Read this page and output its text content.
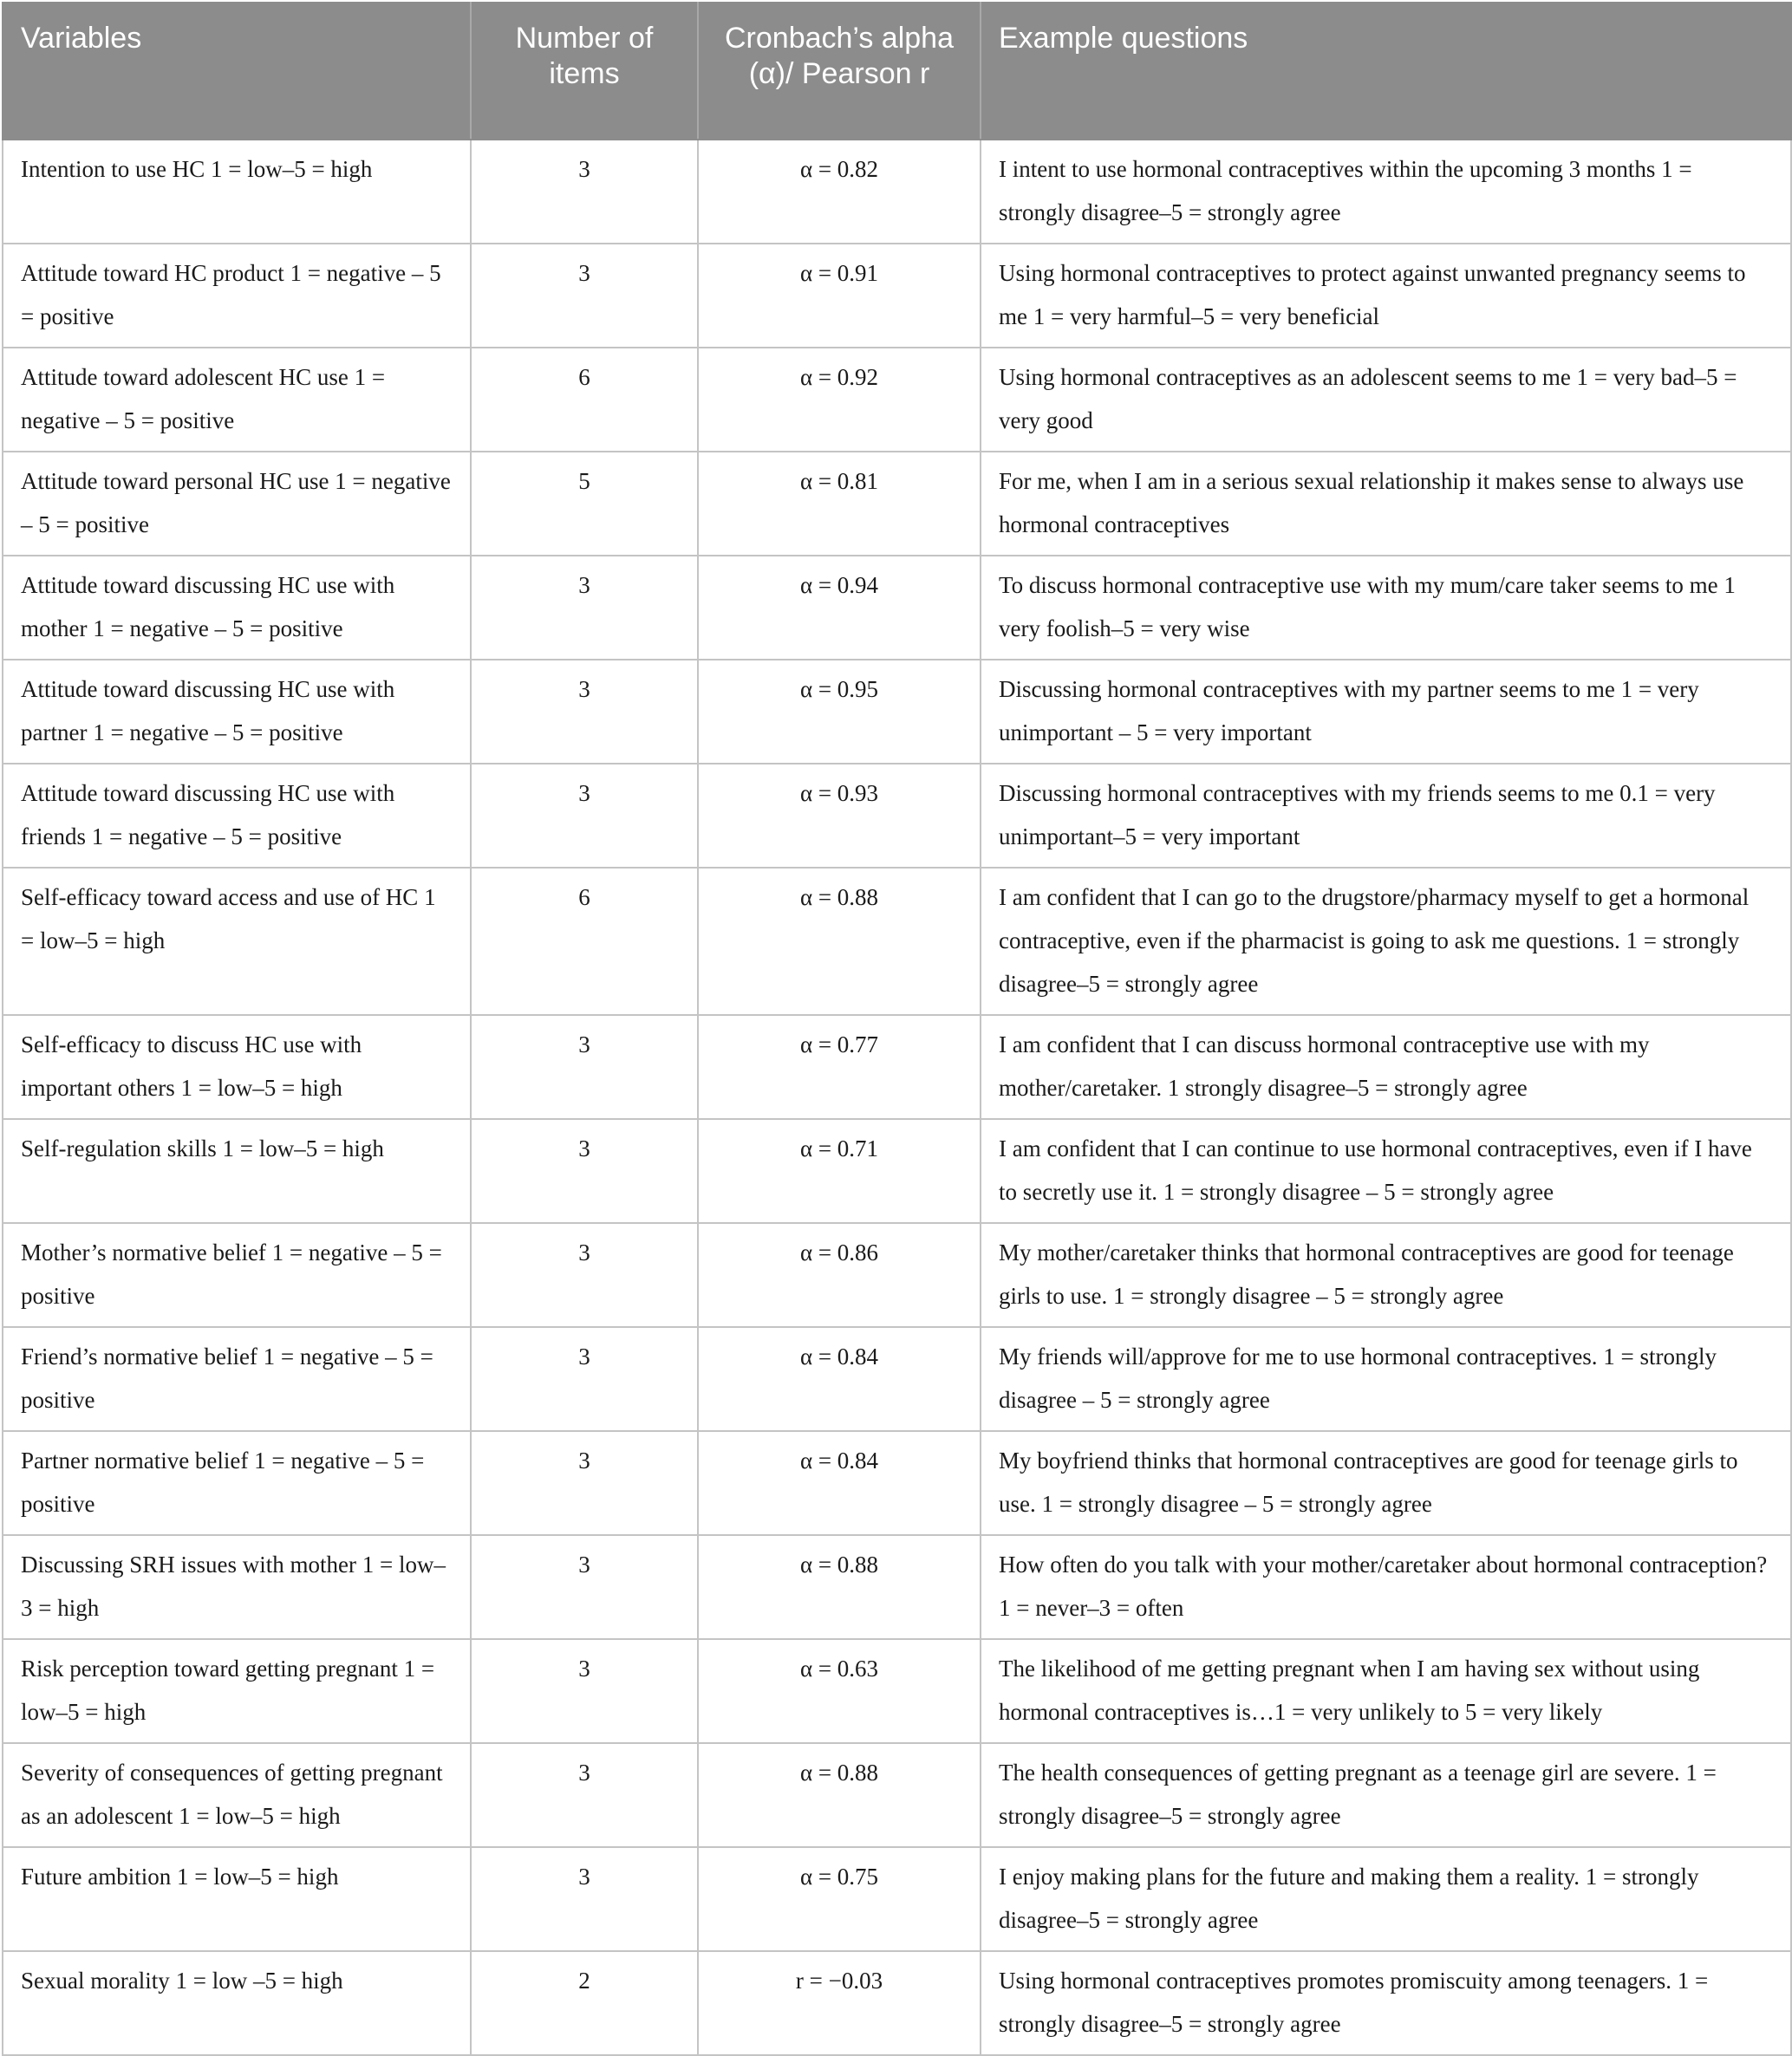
Variables	Number of items	Cronbach’s alpha (α)/ Pearson r	Example questions
Intention to use HC 1 = low–5 = high	3	α = 0.82	I intent to use hormonal contraceptives within the upcoming 3 months 1 = strongly disagree–5 = strongly agree
Attitude toward HC product 1 = negative – 5 = positive	3	α = 0.91	Using hormonal contraceptives to protect against unwanted pregnancy seems to me 1 = very harmful–5 = very beneficial
Attitude toward adolescent HC use 1 = negative – 5 = positive	6	α = 0.92	Using hormonal contraceptives as an adolescent seems to me 1 = very bad–5 = very good
Attitude toward personal HC use 1 = negative – 5 = positive	5	α = 0.81	For me, when I am in a serious sexual relationship it makes sense to always use hormonal contraceptives
Attitude toward discussing HC use with mother 1 = negative – 5 = positive	3	α = 0.94	To discuss hormonal contraceptive use with my mum/care taker seems to me 1 very foolish–5 = very wise
Attitude toward discussing HC use with partner 1 = negative – 5 = positive	3	α = 0.95	Discussing hormonal contraceptives with my partner seems to me 1 = very unimportant – 5 = very important
Attitude toward discussing HC use with friends 1 = negative – 5 = positive	3	α = 0.93	Discussing hormonal contraceptives with my friends seems to me 0.1 = very unimportant–5 = very important
Self-efficacy toward access and use of HC 1 = low–5 = high	6	α = 0.88	I am confident that I can go to the drugstore/pharmacy myself to get a hormonal contraceptive, even if the pharmacist is going to ask me questions. 1 = strongly disagree–5 = strongly agree
Self-efficacy to discuss HC use with important others 1 = low–5 = high	3	α = 0.77	I am confident that I can discuss hormonal contraceptive use with my mother/caretaker. 1 strongly disagree–5 = strongly agree
Self-regulation skills 1 = low–5 = high	3	α = 0.71	I am confident that I can continue to use hormonal contraceptives, even if I have to secretly use it. 1 = strongly disagree – 5 = strongly agree
Mother’s normative belief 1 = negative – 5 = positive	3	α = 0.86	My mother/caretaker thinks that hormonal contraceptives are good for teenage girls to use. 1 = strongly disagree – 5 = strongly agree
Friend’s normative belief 1 = negative – 5 = positive	3	α = 0.84	My friends will/approve for me to use hormonal contraceptives. 1 = strongly disagree – 5 = strongly agree
Partner normative belief 1 = negative – 5 = positive	3	α = 0.84	My boyfriend thinks that hormonal contraceptives are good for teenage girls to use. 1 = strongly disagree – 5 = strongly agree
Discussing SRH issues with mother 1 = low–3 = high	3	α = 0.88	How often do you talk with your mother/caretaker about hormonal contraception? 1 = never–3 = often
Risk perception toward getting pregnant 1 = low–5 = high	3	α = 0.63	The likelihood of me getting pregnant when I am having sex without using hormonal contraceptives is…1 = very unlikely to 5 = very likely
Severity of consequences of getting pregnant as an adolescent 1 = low–5 = high	3	α = 0.88	The health consequences of getting pregnant as a teenage girl are severe. 1 = strongly disagree–5 = strongly agree
Future ambition 1 = low–5 = high	3	α = 0.75	I enjoy making plans for the future and making them a reality. 1 = strongly disagree–5 = strongly agree
Sexual morality 1 = low –5 = high	2	r = −0.03	Using hormonal contraceptives promotes promiscuity among teenagers. 1 = strongly disagree–5 = strongly agree
